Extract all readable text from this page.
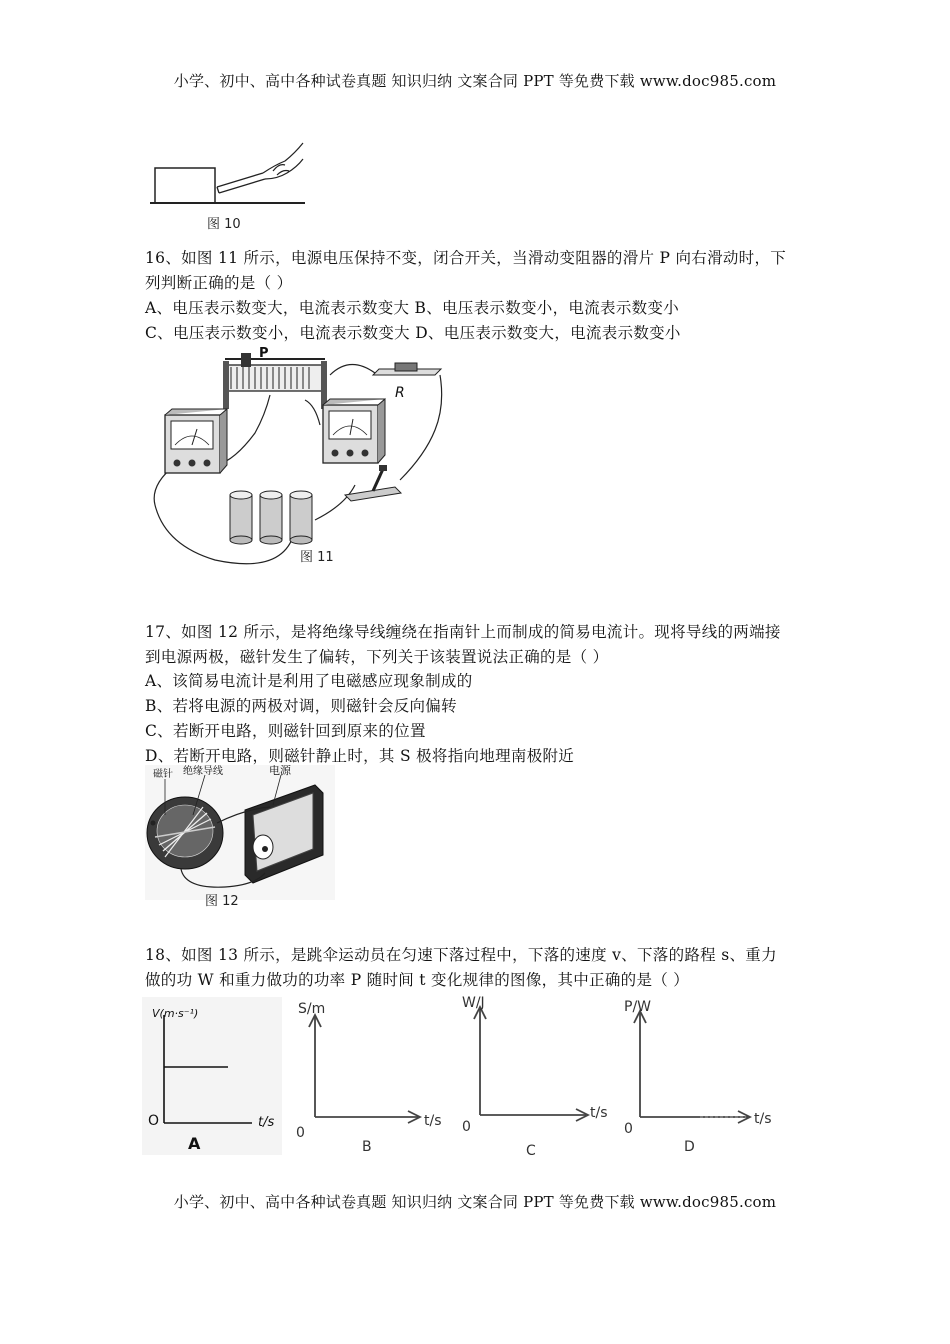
小学、初中、高中各种试卷真题 知识归纳 文案合同 PPT 等免费下载 www.doc985.com
图 10
16、如图 11 所示，电源电压保持不变，闭合开关，当滑动变阻器的滑片 P 向右滑动时，下
列判断正确的是（ ）
A、电压表示数变大，电流表示数变大 B、电压表示数变小，电流表示数变小
C、电压表示数变小，电流表示数变大 D、电压表示数变大，电流表示数变小
P
R
图 11
17、如图 12 所示，是将绝缘导线缠绕在指南针上而制成的简易电流计。现将导线的两端接
到电源两极，磁针发生了偏转，下列关于该装置说法正确的是（ ）
A、该简易电流计是利用了电磁感应现象制成的
B、若将电源的两极对调，则磁针会反向偏转
C、若断开电路，则磁针回到原来的位置
D、若断开电路，则磁针静止时，其 S 极将指向地理南极附近
磁针 绝缘导线	电源
图 12
18、如图 13 所示，是跳伞运动员在匀速下落过程中，下落的速度 v、下落的路程 s、重力
做的功 W 和重力做功的功率 P 随时间 t 变化规律的图像，其中正确的是（ ）
V(m·s⁻¹)
t/s
O
A
S/m
t/s
0
B
W/J
t/s
0
C
P/W
t/s
0
D
小学、初中、高中各种试卷真题 知识归纳 文案合同 PPT 等免费下载 www.doc985.com
